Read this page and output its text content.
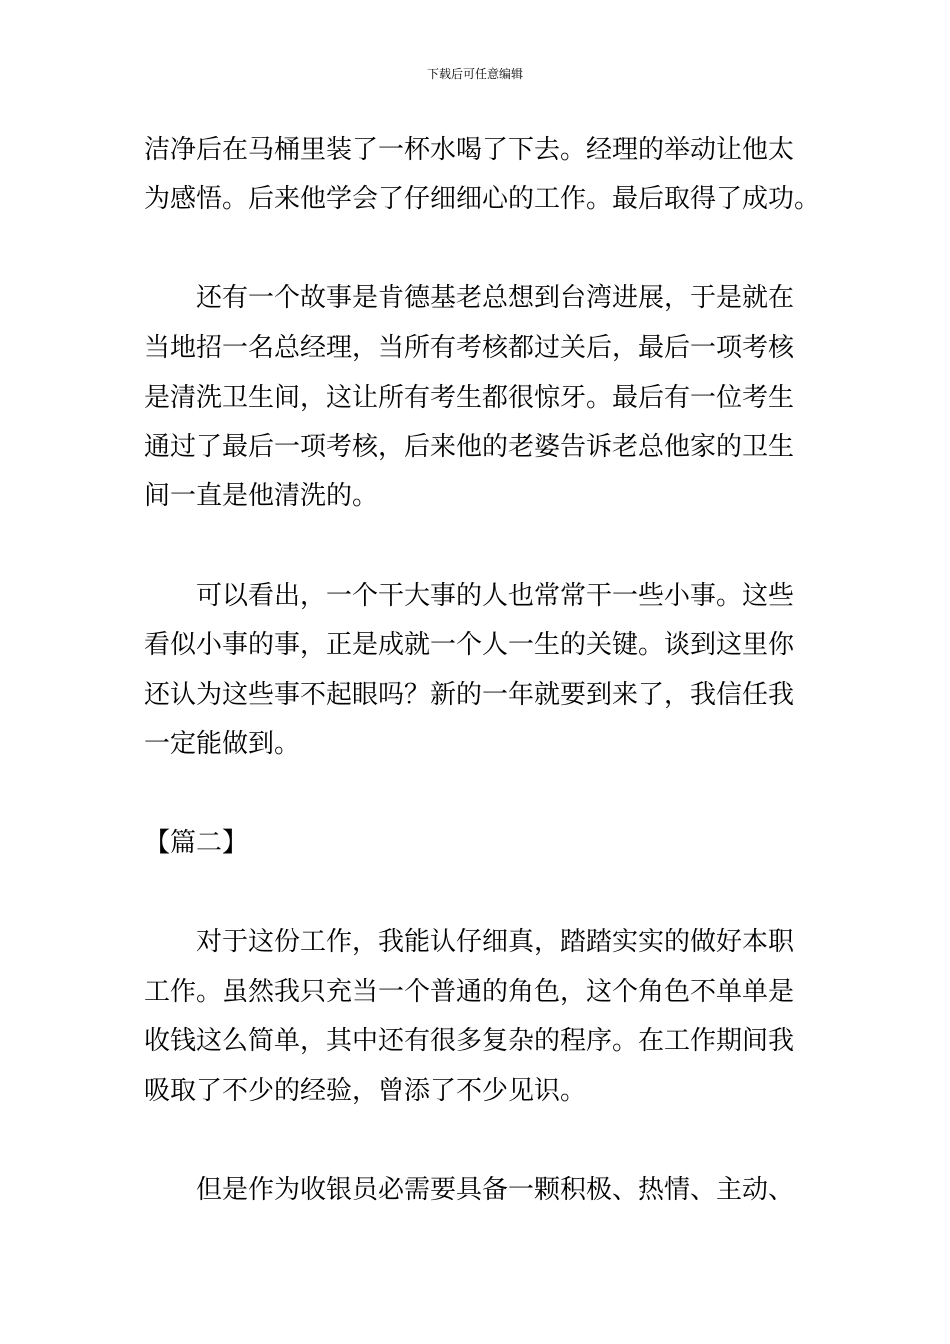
下载后可任意编辑
洁净后在马桶里装了一杯水喝了下去。经理的举动让他太
为感悟。后来他学会了仔细细心的工作。最后取得了成功。
还有一个故事是肯德基老总想到台湾进展，于是就在
当地招一名总经理，当所有考核都过关后，最后一项考核
是清洗卫生间，这让所有考生都很惊牙。最后有一位考生
通过了最后一项考核，后来他的老婆告诉老总他家的卫生
间一直是他清洗的。
可以看出，一个干大事的人也常常干一些小事。这些
看似小事的事，正是成就一个人一生的关键。谈到这里你
还认为这些事不起眼吗？新的一年就要到来了，我信任我
一定能做到。
【篇二】
对于这份工作，我能认仔细真，踏踏实实的做好本职
工作。虽然我只充当一个普通的角色，这个角色不单单是
收钱这么简单，其中还有很多复杂的程序。在工作期间我
吸取了不少的经验，曾添了不少见识。
但是作为收银员必需要具备一颗积极、热情、主动、
